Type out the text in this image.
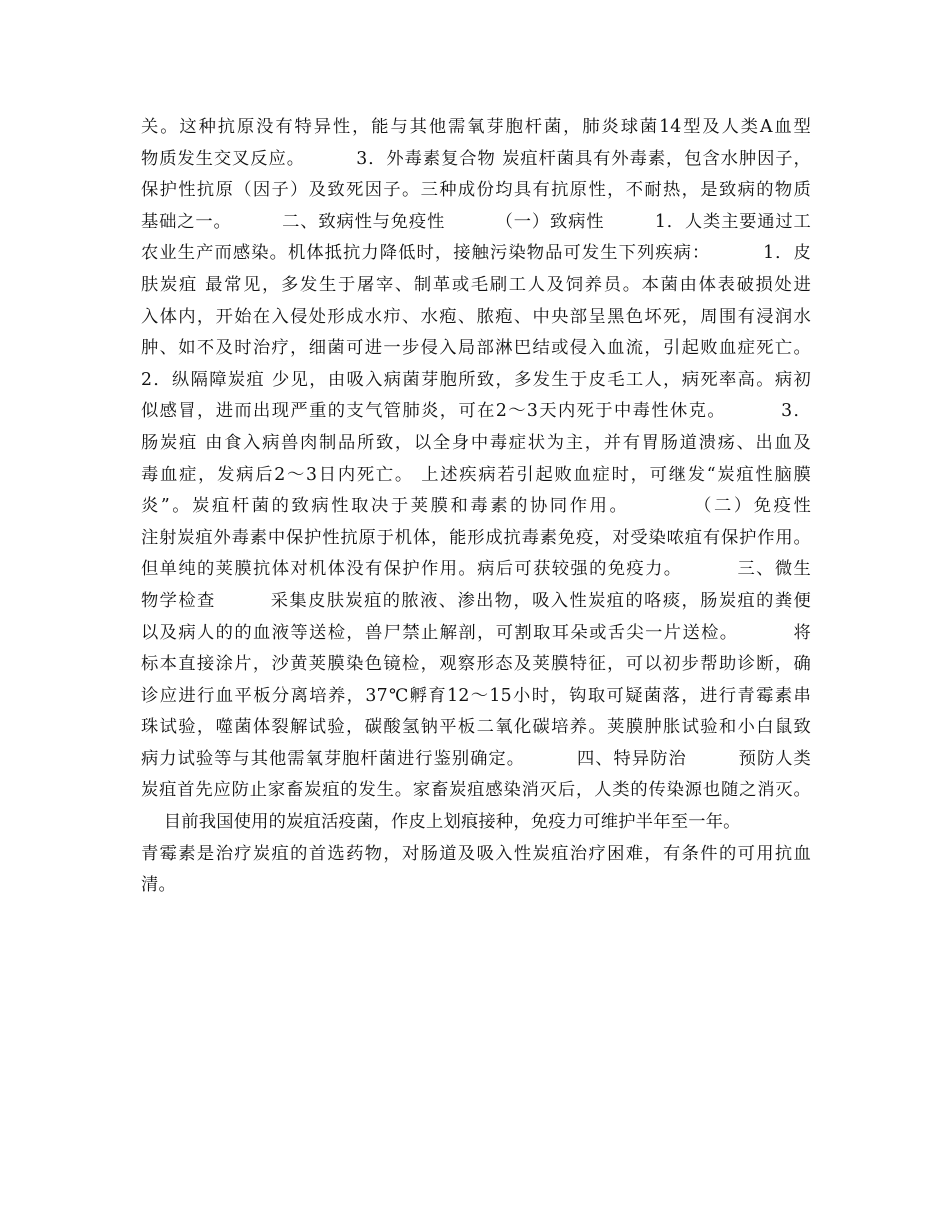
关。这种抗原没有特异性，能与其他需氧芽胞杆菌，肺炎球菌14型及人类A血型
物质发生交叉反应。        3．外毒素复合物 炭疽杆菌具有外毒素，包含水肿因子，
保护性抗原（因子）及致死因子。三种成份均具有抗原性，不耐热，是致病的物质
基础之一。        二、致病性与免疫性        （一）致病性        1．人类主要通过工
农业生产而感染。机体抵抗力降低时，接触污染物品可发生下列疾病：        1．皮
肤炭疽 最常见，多发生于屠宰、制革或毛刷工人及饲养员。本菌由体表破损处进
入体内，开始在入侵处形成水疖、水疱、脓疱、中央部呈黑色坏死，周围有浸润水
肿、如不及时治疗，细菌可进一步侵入局部淋巴结或侵入血流，引起败血症死亡。
2．纵隔障炭疽 少见，由吸入病菌芽胞所致，多发生于皮毛工人，病死率高。病初
似感冒，进而出现严重的支气管肺炎，可在2～3天内死于中毒性休克。        3．
肠炭疽 由食入病兽肉制品所致，以全身中毒症状为主，并有胃肠道溃疡、出血及
毒血症，发病后2～3日内死亡。 上述疾病若引起败血症时，可继发“炭疽性脑膜
炎”。炭疽杆菌的致病性取决于荚膜和毒素的协同作用。        （二）免疫性
注射炭疽外毒素中保护性抗原于机体，能形成抗毒素免疫，对受染哝疽有保护作用。
但单纯的荚膜抗体对机体没有保护作用。病后可获较强的免疫力。        三、微生
物学检查        采集皮肤炭疽的脓液、渗出物，吸入性炭疽的咯痰，肠炭疽的粪便
以及病人的的血液等送检，兽尸禁止解剖，可割取耳朵或舌尖一片送检。        将
标本直接涂片，沙黄荚膜染色镜检，观察形态及荚膜特征，可以初步帮助诊断，确
诊应进行血平板分离培养，37℃孵育12～15小时，钩取可疑菌落，进行青霉素串
珠试验，噬菌体裂解试验，碳酸氢钠平板二氧化碳培养。荚膜肿胀试验和小白鼠致
病力试验等与其他需氧芽胞杆菌进行鉴别确定。        四、特异防治        预防人类
炭疽首先应防止家畜炭疽的发生。家畜炭疽感染消灭后，人类的传染源也随之消灭。
目前我国使用的炭疽活疫菌，作皮上划痕接种，免疫力可维护半年至一年。
青霉素是治疗炭疽的首选药物，对肠道及吸入性炭疽治疗困难，有条件的可用抗血
清。
